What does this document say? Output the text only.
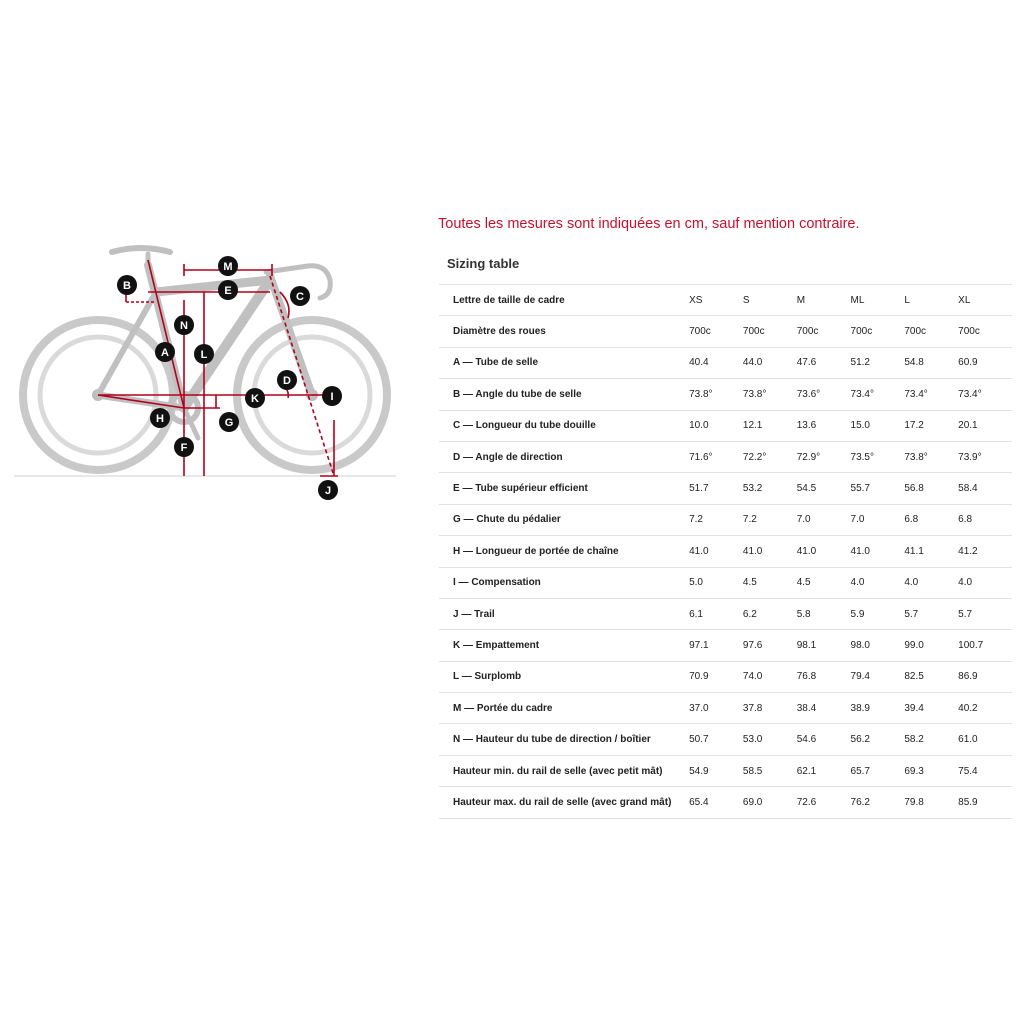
M
B	E	C
N
A	L
D
K	I
H	G
F
J
Toutes les mesures sont indiquées en cm, sauf mention contraire.
Sizing table
Lettre de taille de cadre	XS	S	M	ML	L	XL
Diamètre des roues	700c	700c	700c	700c	700c	700c
A — Tube de selle	40.4	44.0	47.6	51.2	54.8	60.9
B — Angle du tube de selle	73.8°	73.8°	73.6°	73.4°	73.4°	73.4°
C — Longueur du tube douille	10.0	12.1	13.6	15.0	17.2	20.1
D — Angle de direction	71.6°	72.2°	72.9°	73.5°	73.8°	73.9°
E — Tube supérieur efficient	51.7	53.2	54.5	55.7	56.8	58.4
G — Chute du pédalier	7.2	7.2	7.0	7.0	6.8	6.8
H — Longueur de portée de chaîne	41.0	41.0	41.0	41.0	41.1	41.2
I — Compensation	5.0	4.5	4.5	4.0	4.0	4.0
J — Trail	6.1	6.2	5.8	5.9	5.7	5.7
K — Empattement	97.1	97.6	98.1	98.0	99.0	100.7
L — Surplomb	70.9	74.0	76.8	79.4	82.5	86.9
M — Portée du cadre	37.0	37.8	38.4	38.9	39.4	40.2
N — Hauteur du tube de direction / boîtier	50.7	53.0	54.6	56.2	58.2	61.0
Hauteur min. du rail de selle (avec petit mât)	54.9	58.5	62.1	65.7	69.3	75.4
Hauteur max. du rail de selle (avec grand mât)	65.4	69.0	72.6	76.2	79.8	85.9
